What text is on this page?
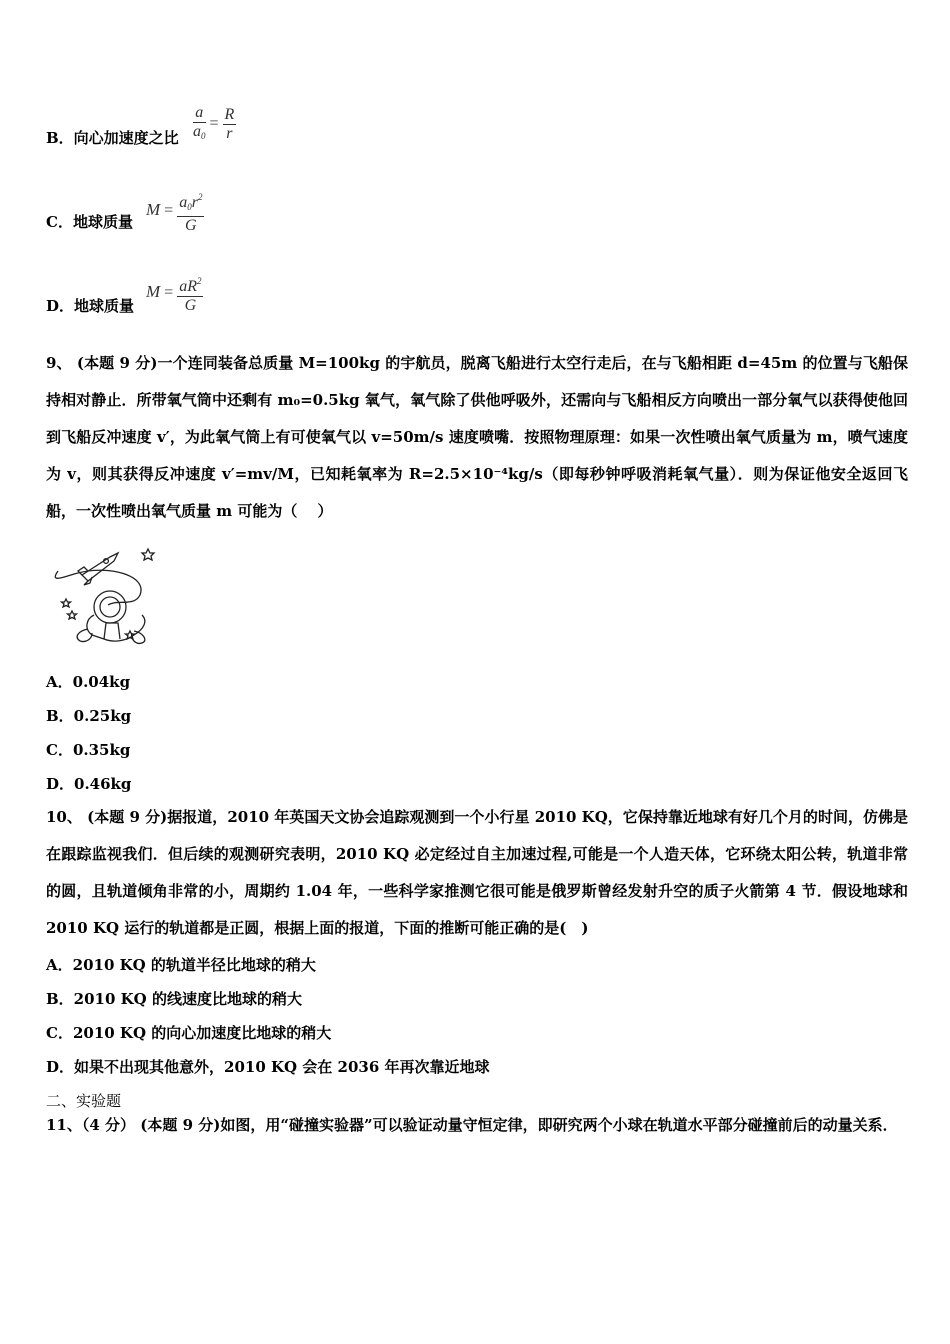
B．向心加速度之比 $\frac{a}{a_0} = \frac{R}{r}$
C．地球质量
$M = \frac{a_0r^2}{G}$
D．地球质量
$M = \frac{aR^2}{G}$

9、 (本题 9 分)一个连同装备总质量 M=100kg 的宇航员，脱离飞船进行太空行走后，在与飞船相距 d=45m 的位置与飞船保持相对静止．所带氧气筒中还剩有 m₀=0.5kg 氧气，氧气除了供他呼吸外，还需向与飞船相反方向喷出一部分氧气以获得使他回到飞船反冲速度 v′，为此氧气筒上有可使氧气以 v=50m/s 速度喷嘴．按照物理原理：如果一次性喷出氧气质量为 m，喷气速度为 v，则其获得反冲速度 v′=mv/M，已知耗氧率为 R=2.5×10⁻⁴kg/s（即每秒钟呼吸消耗氧气量）．则为保证他安全返回飞船，一次性喷出氧气质量 m 可能为（　 ）

A．0.04kg
B．0.25kg
C．0.35kg
D．0.46kg

10、 (本题 9 分)据报道，2010 年英国天文协会追踪观测到一个小行星 2010 KQ，它保持靠近地球有好几个月的时间，仿佛是在跟踪监视我们．但后续的观测研究表明，2010 KQ 必定经过自主加速过程,可能是一个人造天体，它环绕太阳公转，轨道非常的圆，且轨道倾角非常的小，周期约 1.04 年，一些科学家推测它很可能是俄罗斯曾经发射升空的质子火箭第 4 节．假设地球和 2010 KQ 运行的轨道都是正圆，根据上面的报道，下面的推断可能正确的是(　)

A．2010 KQ 的轨道半径比地球的稍大
B．2010 KQ 的线速度比地球的稍大
C．2010 KQ 的向心加速度比地球的稍大
D．如果不出现其他意外，2010 KQ 会在 2036 年再次靠近地球
二、实验题

11、（4 分） (本题 9 分)如图，用“碰撞实验器”可以验证动量守恒定律，即研究两个小球在轨道水平部分碰撞前后的动量关系．
